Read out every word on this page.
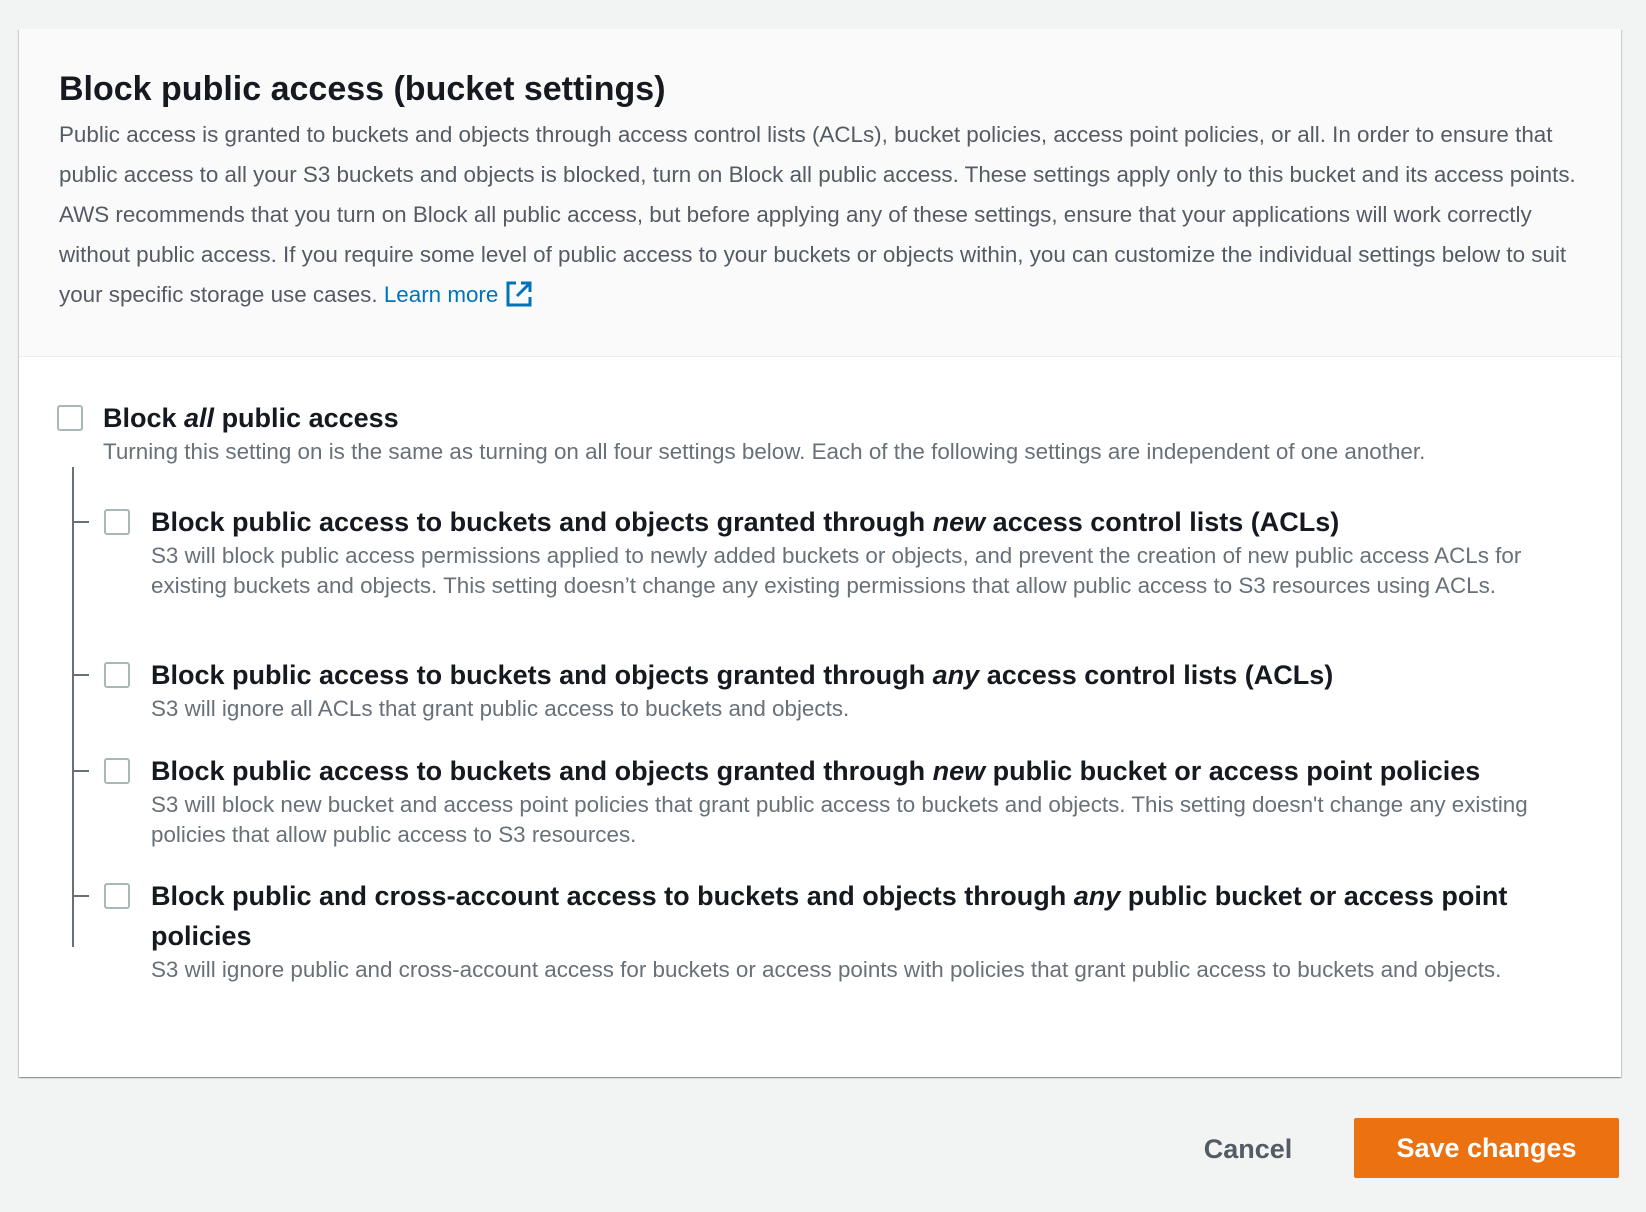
Block public access (bucket settings)

Public access is granted to buckets and objects through access control lists (ACLs), bucket policies, access point policies, or all. In order to ensure that public access to all your S3 buckets and objects is blocked, turn on Block all public access. These settings apply only to this bucket and its access points. AWS recommends that you turn on Block all public access, but before applying any of these settings, ensure that your applications will work correctly without public access. If you require some level of public access to your buckets or objects within, you can customize the individual settings below to suit your specific storage use cases. Learn more

Block all public access

Turning this setting on is the same as turning on all four settings below. Each of the following settings are independent of one another.

Block public access to buckets and objects granted through new access control lists (ACLs)

S3 will block public access permissions applied to newly added buckets or objects, and prevent the creation of new public access ACLs for existing buckets and objects. This setting doesn’t change any existing permissions that allow public access to S3 resources using ACLs.

Block public access to buckets and objects granted through any access control lists (ACLs)

S3 will ignore all ACLs that grant public access to buckets and objects.

Block public access to buckets and objects granted through new public bucket or access point policies

S3 will block new bucket and access point policies that grant public access to buckets and objects. This setting doesn't change any existing policies that allow public access to S3 resources.

Block public and cross-account access to buckets and objects through any public bucket or access point policies

S3 will ignore public and cross-account access for buckets or access points with policies that grant public access to buckets and objects.

Cancel	Save changes
